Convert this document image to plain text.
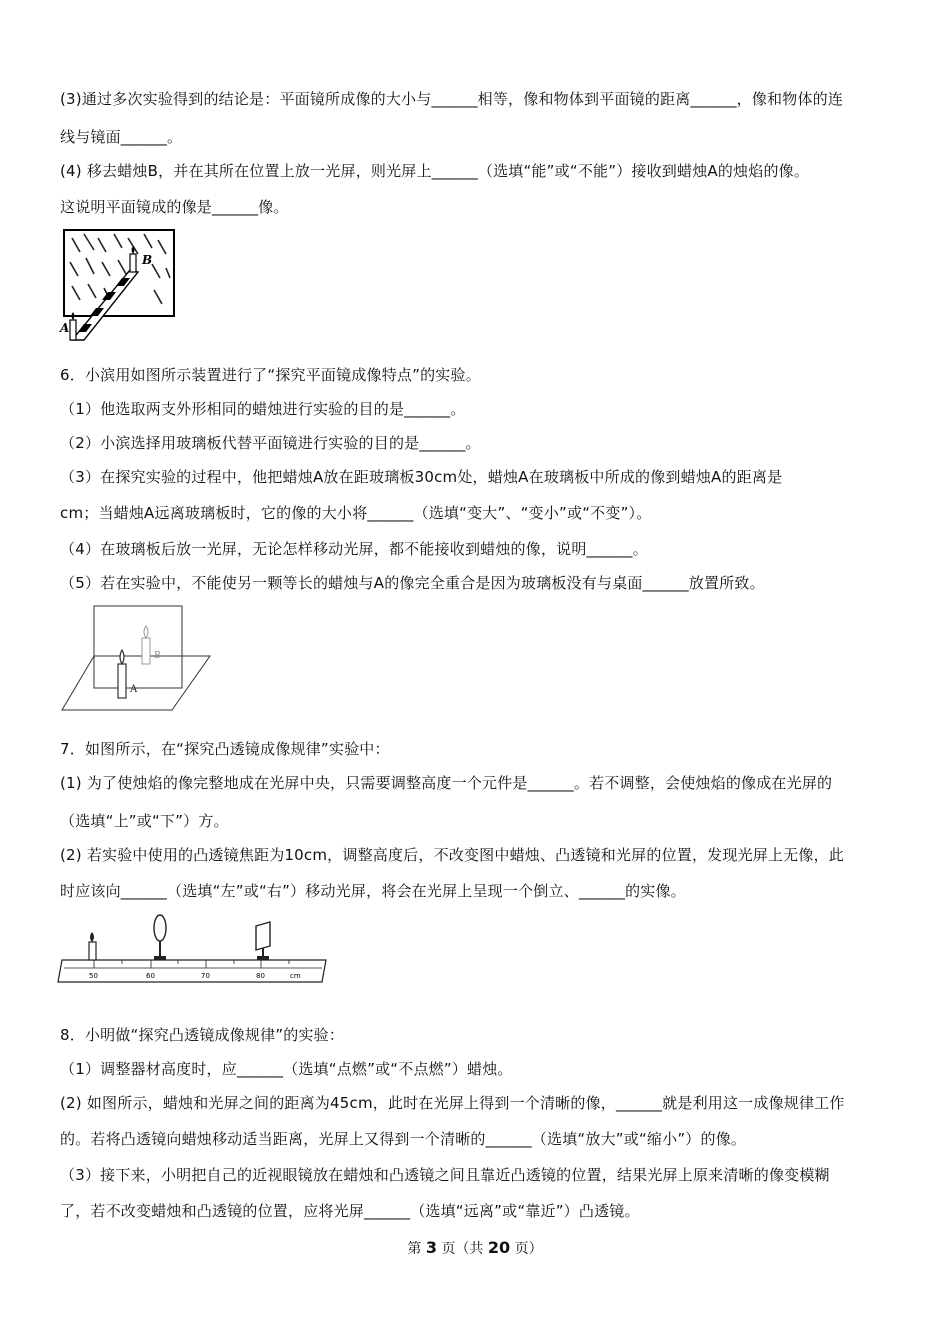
(3)通过多次实验得到的结论是：平面镜所成像的大小与______相等，像和物体到平面镜的距离______，像和物体的连
线与镜面______。
(4) 移去蜡烛B，并在其所在位置上放一光屏，则光屏上______（选填“能”或“不能”）接收到蜡烛A的烛焰的像。
这说明平面镜成的像是______像。
B
A
6．小滨用如图所示装置进行了“探究平面镜成像特点”的实验。
（1）他选取两支外形相同的蜡烛进行实验的目的是______。
（2）小滨选择用玻璃板代替平面镜进行实验的目的是______。
（3）在探究实验的过程中，他把蜡烛A放在距玻璃板30cm处，蜡烛A在玻璃板中所成的像到蜡烛A的距离是
cm；当蜡烛A远离玻璃板时，它的像的大小将______（选填“变大”、“变小”或“不变”）。
（4）在玻璃板后放一光屏，无论怎样移动光屏，都不能接收到蜡烛的像，说明______。
（5）若在实验中，不能使另一颗等长的蜡烛与A的像完全重合是因为玻璃板没有与桌面______放置所致。
B
A
7．如图所示，在“探究凸透镜成像规律”实验中：
(1) 为了使烛焰的像完整地成在光屏中央，只需要调整高度一个元件是______。若不调整，会使烛焰的像成在光屏的
（选填“上”或“下”）方。
(2) 若实验中使用的凸透镜焦距为10cm，调整高度后，不改变图中蜡烛、凸透镜和光屏的位置，发现光屏上无像，此
时应该向______（选填“左”或“右”）移动光屏，将会在光屏上呈现一个倒立、______的实像。
50	60	70	80	cm
8．小明做“探究凸透镜成像规律”的实验：
（1）调整器材高度时，应______（选填“点燃”或“不点燃”）蜡烛。
(2) 如图所示，蜡烛和光屏之间的距离为45cm，此时在光屏上得到一个清晰的像，______就是利用这一成像规律工作
的。若将凸透镜向蜡烛移动适当距离，光屏上又得到一个清晰的______（选填“放大”或“缩小”）的像。
（3）接下来，小明把自己的近视眼镜放在蜡烛和凸透镜之间且靠近凸透镜的位置，结果光屏上原来清晰的像变模糊
了，若不改变蜡烛和凸透镜的位置，应将光屏______（选填“远离”或“靠近”）凸透镜。
第 3 页（共 20 页）
